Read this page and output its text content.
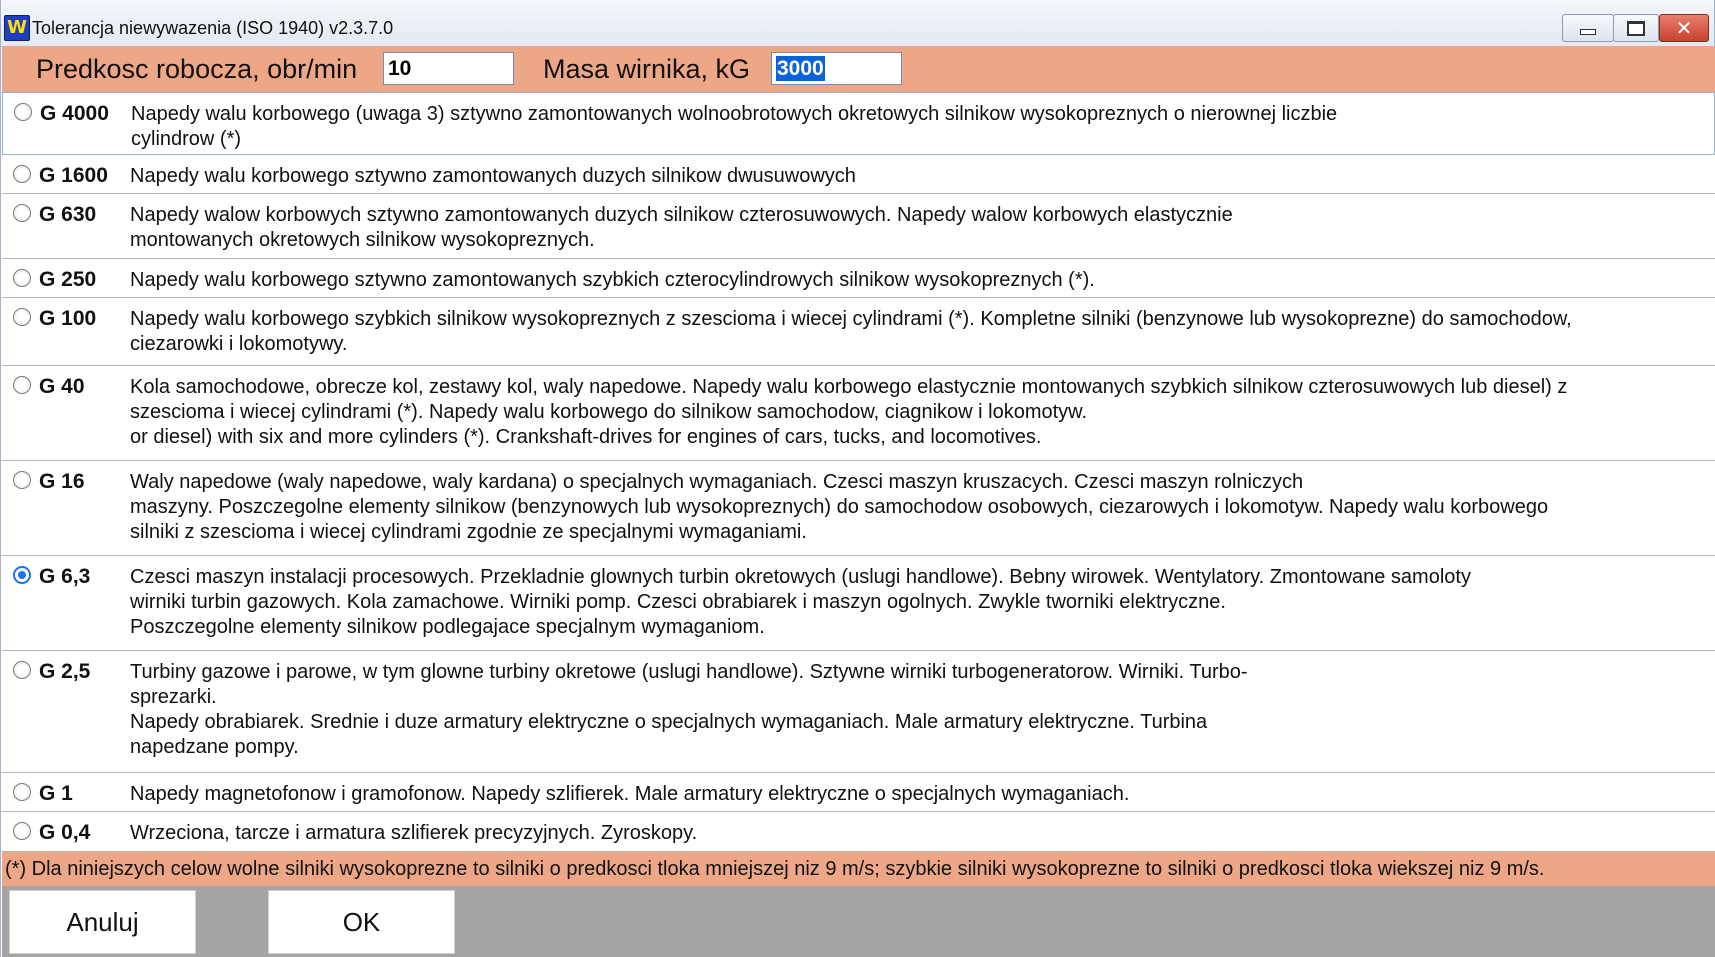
W Tolerancja niewywazenia (ISO 1940) v2.3.7.0	✕
Predkosc robocza, obr/min 10	Masa wirnika, kG 3000
G 4000 Napedy walu korbowego (uwaga 3) sztywno zamontowanych wolnoobrotowych okretowych silnikow wysokopreznych o nierownej liczbie
cylindrow (*)
G 1600 Napedy walu korbowego sztywno zamontowanych duzych silnikow dwusuwowych
G 630 Napedy walow korbowych sztywno zamontowanych duzych silnikow czterosuwowych. Napedy walow korbowych elastycznie
montowanych okretowych silnikow wysokopreznych.
G 250 Napedy walu korbowego sztywno zamontowanych szybkich czterocylindrowych silnikow wysokopreznych (*).
G 100 Napedy walu korbowego szybkich silnikow wysokopreznych z szescioma i wiecej cylindrami (*). Kompletne silniki (benzynowe lub wysokoprezne) do samochodow,
ciezarowki i lokomotywy.
G 40 Kola samochodowe, obrecze kol, zestawy kol, waly napedowe. Napedy walu korbowego elastycznie montowanych szybkich silnikow czterosuwowych lub diesel) z
szescioma i wiecej cylindrami (*). Napedy walu korbowego do silnikow samochodow, ciagnikow i lokomotyw.
or diesel) with six and more cylinders (*). Crankshaft-drives for engines of cars, tucks, and locomotives.
G 16 Waly napedowe (waly napedowe, waly kardana) o specjalnych wymaganiach. Czesci maszyn kruszacych. Czesci maszyn rolniczych
maszyny. Poszczegolne elementy silnikow (benzynowych lub wysokopreznych) do samochodow osobowych, ciezarowych i lokomotyw. Napedy walu korbowego
silniki z szescioma i wiecej cylindrami zgodnie ze specjalnymi wymaganiami.
G 6,3 Czesci maszyn instalacji procesowych. Przekladnie glownych turbin okretowych (uslugi handlowe). Bebny wirowek. Wentylatory. Zmontowane samoloty
wirniki turbin gazowych. Kola zamachowe. Wirniki pomp. Czesci obrabiarek i maszyn ogolnych. Zwykle tworniki elektryczne.
Poszczegolne elementy silnikow podlegajace specjalnym wymaganiom.
G 2,5 Turbiny gazowe i parowe, w tym glowne turbiny okretowe (uslugi handlowe). Sztywne wirniki turbogeneratorow. Wirniki. Turbo-
sprezarki.
Napedy obrabiarek. Srednie i duze armatury elektryczne o specjalnych wymaganiach. Male armatury elektryczne. Turbina
napedzane pompy.
G 1	Napedy magnetofonow i gramofonow. Napedy szlifierek. Male armatury elektryczne o specjalnych wymaganiach.
G 0,4 Wrzeciona, tarcze i armatura szlifierek precyzyjnych. Zyroskopy.
(*) Dla niniejszych celow wolne silniki wysokoprezne to silniki o predkosci tloka mniejszej niz 9 m/s; szybkie silniki wysokoprezne to silniki o predkosci tloka wiekszej niz 9 m/s.
Anuluj	OK
